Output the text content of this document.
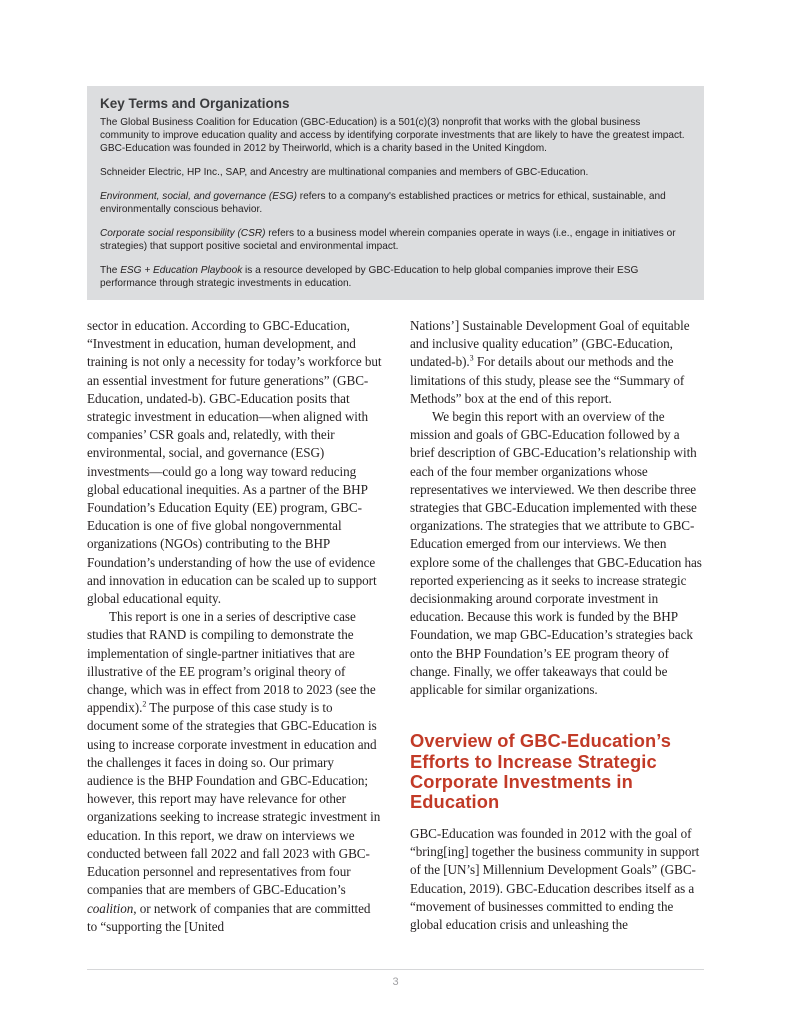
Key Terms and Organizations

The Global Business Coalition for Education (GBC-Education) is a 501(c)(3) nonprofit that works with the global business community to improve education quality and access by identifying corporate investments that are likely to have the greatest impact. GBC-Education was founded in 2012 by Theirworld, which is a charity based in the United Kingdom.

Schneider Electric, HP Inc., SAP, and Ancestry are multinational companies and members of GBC-Education.

Environment, social, and governance (ESG) refers to a company's established practices or metrics for ethical, sustainable, and environmentally conscious behavior.

Corporate social responsibility (CSR) refers to a business model wherein companies operate in ways (i.e., engage in initiatives or strategies) that support positive societal and environmental impact.

The ESG + Education Playbook is a resource developed by GBC-Education to help global companies improve their ESG performance through strategic investments in education.

sector in education. According to GBC-Education, “Investment in education, human development, and training is not only a necessity for today’s workforce but an essential investment for future generations” (GBC-Education, undated-b). GBC-Education posits that strategic investment in education—when aligned with companies’ CSR goals and, relatedly, with their environmental, social, and governance (ESG) investments—could go a long way toward reducing global educational inequities. As a partner of the BHP Foundation’s Education Equity (EE) program, GBC-Education is one of five global nongovernmental organizations (NGOs) contributing to the BHP Foundation’s understanding of how the use of evidence and innovation in education can be scaled up to support global educational equity.

This report is one in a series of descriptive case studies that RAND is compiling to demonstrate the implementation of single-partner initiatives that are illustrative of the EE program’s original theory of change, which was in effect from 2018 to 2023 (see the appendix).$^2$ The purpose of this case study is to document some of the strategies that GBC-Education is using to increase corporate investment in education and the challenges it faces in doing so. Our primary audience is the BHP Foundation and GBC-Education; however, this report may have relevance for other organizations seeking to increase strategic investment in education. In this report, we draw on interviews we conducted between fall 2022 and fall 2023 with GBC-Education personnel and representatives from four companies that are members of GBC-Education’s coalition, or network of companies that are committed to “supporting the [United

Nations’] Sustainable Development Goal of equitable and inclusive quality education” (GBC-Education, undated-b).$^3$ For details about our methods and the limitations of this study, please see the “Summary of Methods” box at the end of this report.

We begin this report with an overview of the mission and goals of GBC-Education followed by a brief description of GBC-Education’s relationship with each of the four member organizations whose representatives we interviewed. We then describe three strategies that GBC-Education implemented with these organizations. The strategies that we attribute to GBC-Education emerged from our interviews. We then explore some of the challenges that GBC-Education has reported experiencing as it seeks to increase strategic decisionmaking around corporate investment in education. Because this work is funded by the BHP Foundation, we map GBC-Education’s strategies back onto the BHP Foundation’s EE program theory of change. Finally, we offer takeaways that could be applicable for similar organizations.

Overview of GBC-Education’s Efforts to Increase Strategic Corporate Investments in Education

GBC-Education was founded in 2012 with the goal of “bring[ing] together the business community in support of the [UN’s] Millennium Development Goals” (GBC-Education, 2019). GBC-Education describes itself as a “movement of businesses committed to ending the global education crisis and unleashing the

3
